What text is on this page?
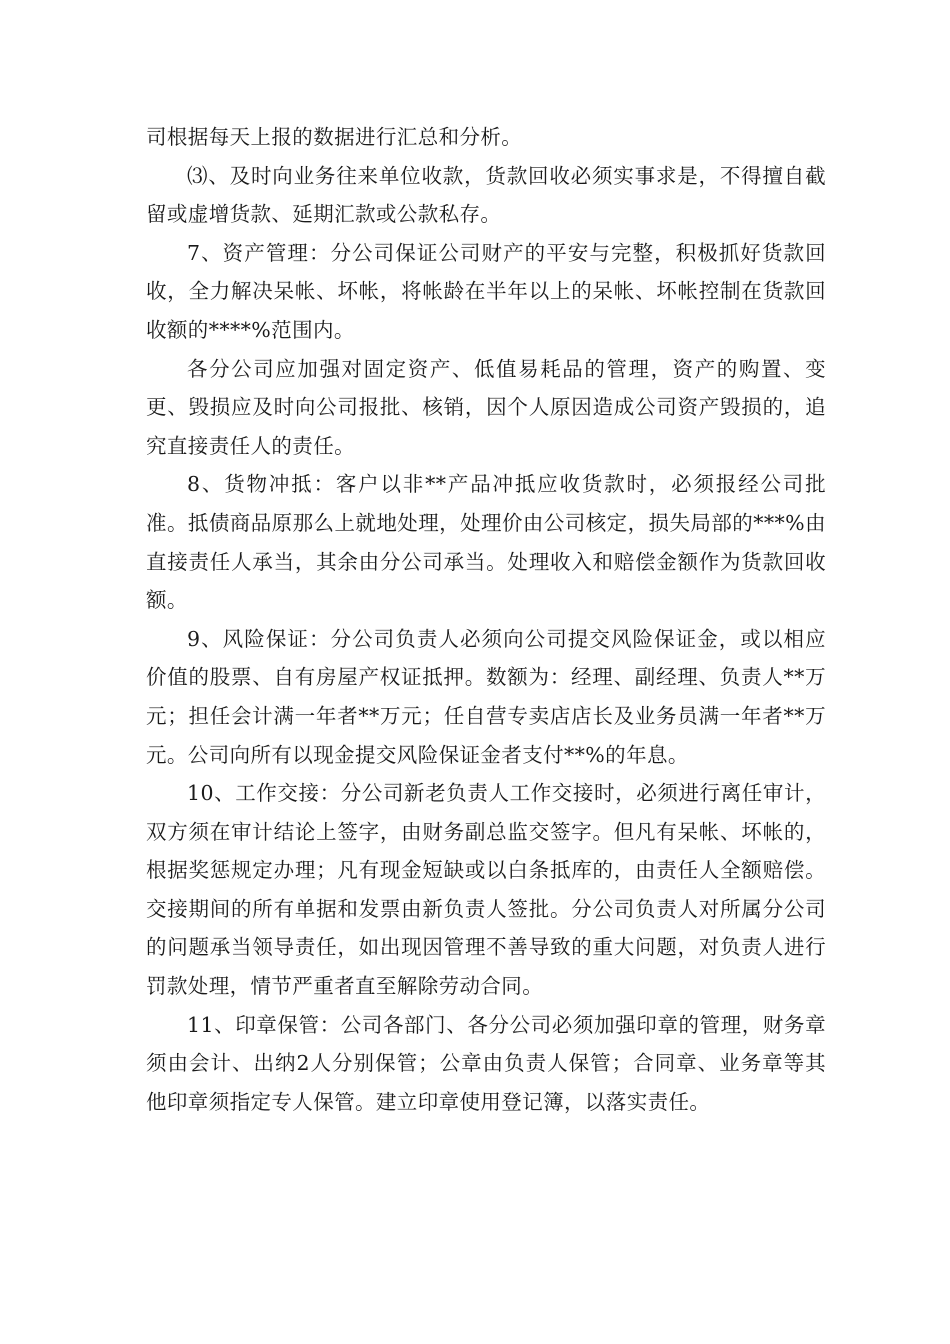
司根据每天上报的数据进行汇总和分析。

⑶、及时向业务往来单位收款，货款回收必须实事求是，不得擅自截留或虚增货款、延期汇款或公款私存。

7、资产管理：分公司保证公司财产的平安与完整，积极抓好货款回收，全力解决呆帐、坏帐，将帐龄在半年以上的呆帐、坏帐控制在货款回收额的****%范围内。

各分公司应加强对固定资产、低值易耗品的管理，资产的购置、变更、毁损应及时向公司报批、核销，因个人原因造成公司资产毁损的，追究直接责任人的责任。

8、货物冲抵：客户以非**产品冲抵应收货款时，必须报经公司批准。抵债商品原那么上就地处理，处理价由公司核定，损失局部的***%由直接责任人承当，其余由分公司承当。处理收入和赔偿金额作为货款回收额。

9、风险保证：分公司负责人必须向公司提交风险保证金，或以相应价值的股票、自有房屋产权证抵押。数额为：经理、副经理、负责人**万元；担任会计满一年者**万元；任自营专卖店店长及业务员满一年者**万元。公司向所有以现金提交风险保证金者支付**%的年息。

10、工作交接：分公司新老负责人工作交接时，必须进行离任审计，双方须在审计结论上签字，由财务副总监交签字。但凡有呆帐、坏帐的，根据奖惩规定办理；凡有现金短缺或以白条抵库的，由责任人全额赔偿。交接期间的所有单据和发票由新负责人签批。分公司负责人对所属分公司的问题承当领导责任，如出现因管理不善导致的重大问题，对负责人进行罚款处理，情节严重者直至解除劳动合同。

11、印章保管：公司各部门、各分公司必须加强印章的管理，财务章须由会计、出纳2人分别保管；公章由负责人保管；合同章、业务章等其他印章须指定专人保管。建立印章使用登记簿，以落实责任。
